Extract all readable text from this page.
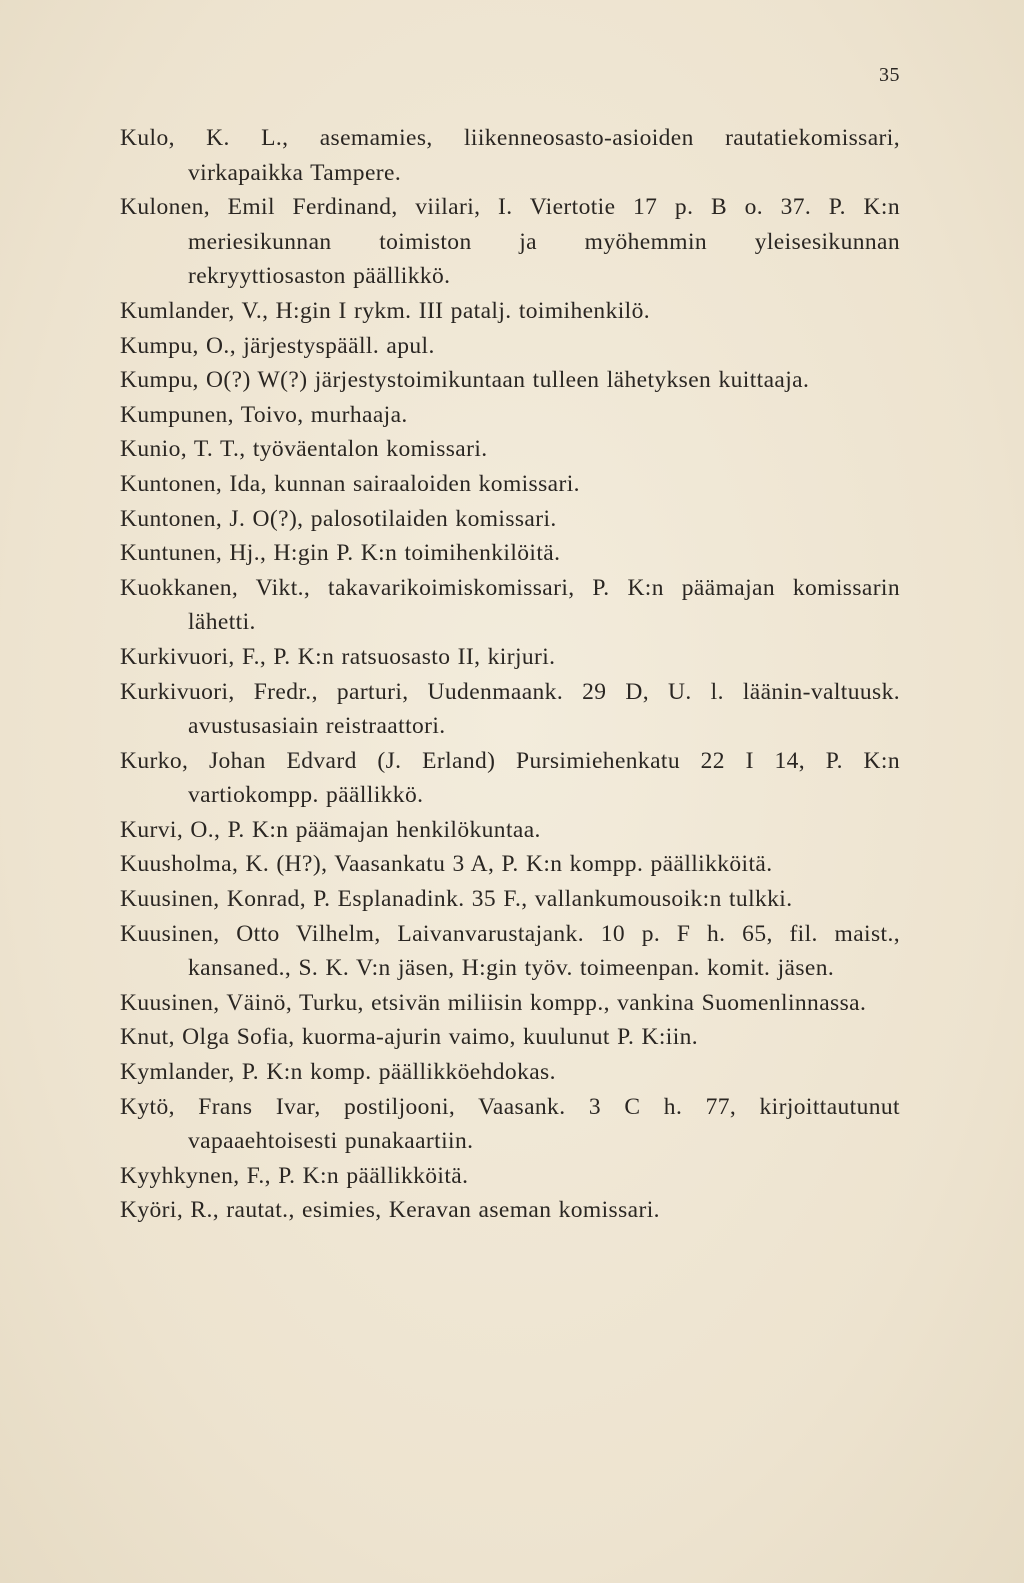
35

Kulo, K. L., asemamies, liikenneosasto-asioiden rautatiekomissari, virkapaikka Tampere.

Kulonen, Emil Ferdinand, viilari, I. Viertotie 17 p. B o. 37. P. K:n meriesikunnan toimiston ja myöhemmin yleisesikunnan rekryyttiosaston päällikkö.

Kumlander, V., H:gin I rykm. III patalj. toimihenkilö.

Kumpu, O., järjestyspääll. apul.

Kumpu, O(?) W(?) järjestystoimikuntaan tulleen lähetyksen kuittaaja.

Kumpunen, Toivo, murhaaja.

Kunio, T. T., työväentalon komissari.

Kuntonen, Ida, kunnan sairaaloiden komissari.

Kuntonen, J. O(?), palosotilaiden komissari.

Kuntunen, Hj., H:gin P. K:n toimihenkilöitä.

Kuokkanen, Vikt., takavarikoimiskomissari, P. K:n päämajan komissarin lähetti.

Kurkivuori, F., P. K:n ratsuosasto II, kirjuri.

Kurkivuori, Fredr., parturi, Uudenmaank. 29 D, U. l. läänin-valtuusk. avustusasiain reistraattori.

Kurko, Johan Edvard (J. Erland) Pursimiehenkatu 22 I 14, P. K:n vartiokompp. päällikkö.

Kurvi, O., P. K:n päämajan henkilökuntaa.

Kuusholma, K. (H?), Vaasankatu 3 A, P. K:n kompp. päällikköitä.

Kuusinen, Konrad, P. Esplanadink. 35 F., vallankumousoik:n tulkki.

Kuusinen, Otto Vilhelm, Laivanvarustajank. 10 p. F h. 65, fil. maist., kansaned., S. K. V:n jäsen, H:gin työv. toimeenpan. komit. jäsen.

Kuusinen, Väinö, Turku, etsivän miliisin kompp., vankina Suomenlinnassa.

Knut, Olga Sofia, kuorma-ajurin vaimo, kuulunut P. K:iin.

Kymlander, P. K:n komp. päällikköehdokas.

Kytö, Frans Ivar, postiljooni, Vaasank. 3 C h. 77, kirjoittautunut vapaaehtoisesti punakaartiin.

Kyyhkynen, F., P. K:n päällikköitä.

Kyöri, R., rautat., esimies, Keravan aseman komissari.
